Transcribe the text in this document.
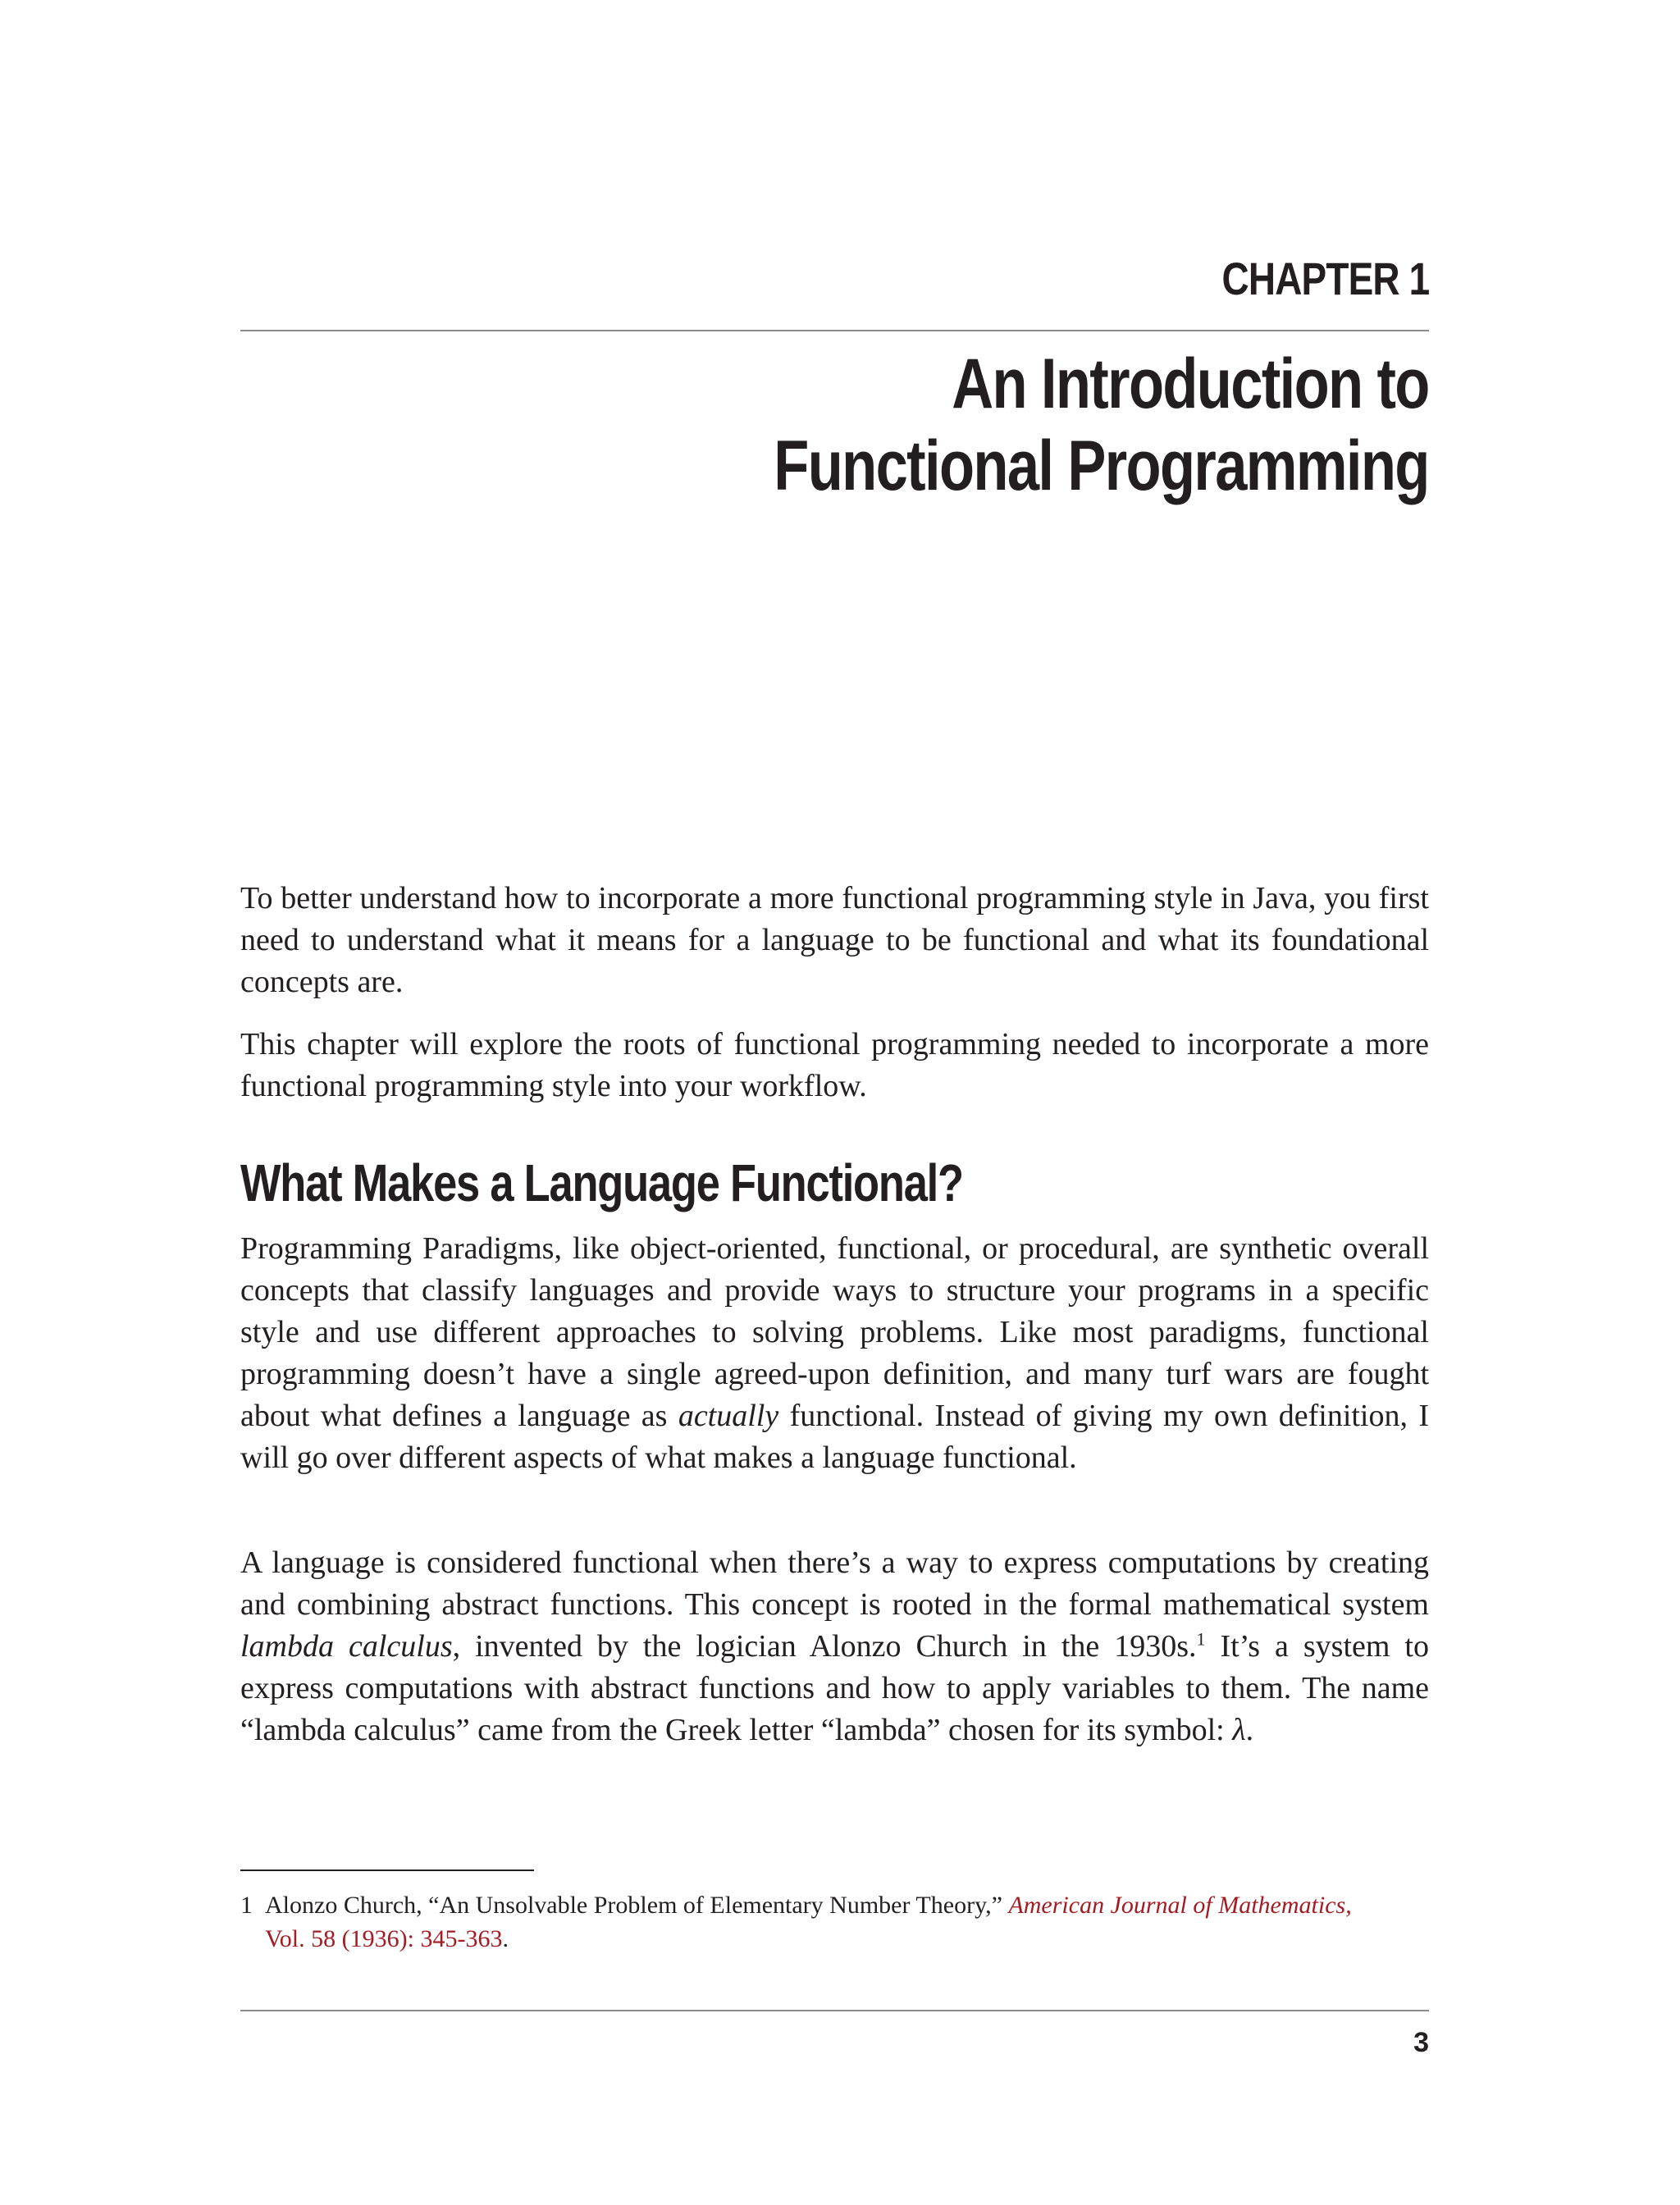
CHAPTER 1
An Introduction to
Functional Programming

To better understand how to incorporate a more functional programming style in Java, you first need to understand what it means for a language to be functional and what its foundational concepts are.

This chapter will explore the roots of functional programming needed to incorporate a more functional programming style into your workflow.

What Makes a Language Functional?

Programming Paradigms, like object-oriented, functional, or procedural, are synthetic overall concepts that classify languages and provide ways to structure your programs in a specific style and use different approaches to solving problems. Like most paradigms, functional programming doesn’t have a single agreed-upon definition, and many turf wars are fought about what defines a language as actually functional. Instead of giving my own definition, I will go over different aspects of what makes a language functional.

A language is considered functional when there’s a way to express computations by creating and combining abstract functions. This concept is rooted in the formal mathematical system lambda calculus, invented by the logician Alonzo Church in the 1930s.$^1$ It’s a system to express computations with abstract functions and how to apply variables to them. The name “lambda calculus” came from the Greek letter “lambda” chosen for its symbol: λ.

1 Alonzo Church, “An Unsolvable Problem of Elementary Number Theory,” American Journal of Mathematics,
Vol. 58 (1936): 345-363.
3
